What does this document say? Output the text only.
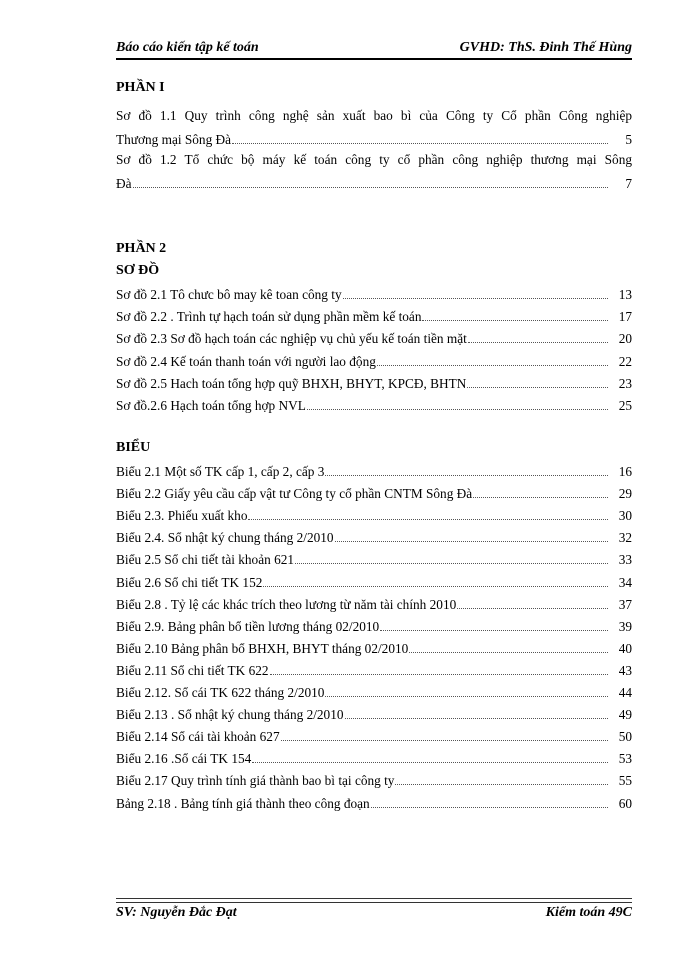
Báo cáo kiến tập kế toán	GVHD: ThS. Đinh Thế Hùng
PHẦN I
Sơ đồ 1.1 Quy trình công nghệ sản xuất bao bì của Công ty Cổ phần Công nghiệp
Thương mại Sông Đà	5
Sơ đồ 1.2 Tổ chức bộ máy kế toán công ty cổ phần công nghiệp thương mại Sông
Đà	7
PHẦN 2
SƠ ĐỒ
Sơ đồ 2.1 Tô chưc bô may kê toan công ty	13
Sơ đồ 2.2 . Trình tự hạch toán sử dụng phần mềm kế toán	17
Sơ đồ 2.3 Sơ đồ hạch toán các nghiệp vụ chủ yếu kế toán tiền mặt	20
Sơ đồ 2.4 Kế toán thanh toán với người lao động	22
Sơ đồ 2.5 Hach toán tổng hợp quỹ BHXH, BHYT, KPCĐ, BHTN	23
Sơ đồ.2.6 Hạch toán tổng hợp NVL	25
BIỂU
Biểu 2.1 Một số TK cấp 1, cấp 2, cấp 3	16
Biểu 2.2 Giấy yêu cầu cấp vật tư Công ty cổ phần CNTM Sông Đà	29
Biểu 2.3. Phiếu xuất kho	30
Biểu 2.4. Sổ nhật ký chung tháng 2/2010	32
Biểu 2.5 Sổ chi tiết tài khoản 621	33
Biểu 2.6 Sổ chi tiết TK 152	34
Biểu 2.8 . Tỷ lệ các khác trích theo lương từ năm tài chính 2010	37
Biểu 2.9. Bảng phân bổ tiền lương tháng 02/2010	39
Biểu 2.10 Bảng phân bổ BHXH, BHYT tháng 02/2010	40
Biểu 2.11 Sổ chi tiết TK 622	43
Biểu 2.12. Sổ cái TK 622 tháng 2/2010	44
Biểu 2.13 . Sổ nhật ký chung tháng 2/2010	49
Biểu 2.14 Sổ cái tài khoản 627	50
Biểu 2.16 .Sổ cái TK 154	53
Biểu 2.17 Quy trình tính giá thành bao bì tại công ty	55
Bảng 2.18 . Bảng tính giá thành theo công đoạn	60
SV: Nguyễn Đắc Đạt	Kiểm toán 49C
